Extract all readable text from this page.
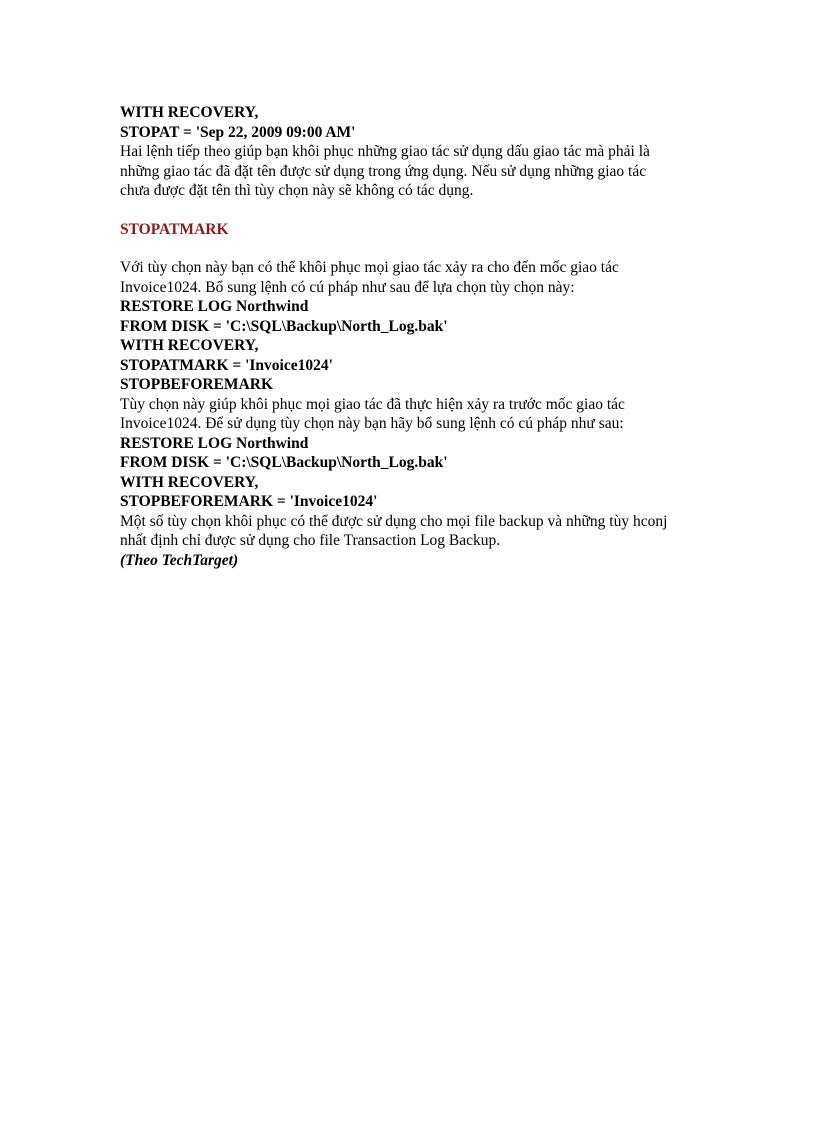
WITH RECOVERY,
STOPAT = 'Sep 22, 2009 09:00 AM'
Hai lệnh tiếp theo giúp bạn khôi phục những giao tác sử dụng dấu giao tác mà phải là
những giao tác đã đặt tên được sử dụng trong ứng dụng. Nếu sử dụng những giao tác
chưa được đặt tên thì tùy chọn này sẽ không có tác dụng.
STOPATMARK
Với tùy chọn này bạn có thể khôi phục mọi giao tác xảy ra cho đến mốc giao tác
Invoice1024. Bổ sung lệnh có cú pháp như sau để lựa chọn tùy chọn này:
RESTORE LOG Northwind
FROM DISK = 'C:\SQL\Backup\North_Log.bak'
WITH RECOVERY,
STOPATMARK = 'Invoice1024'
STOPBEFOREMARK
Tùy chọn này giúp khôi phục mọi giao tác đã thực hiện xảy ra trước mốc giao tác
Invoice1024. Để sử dụng tùy chọn này bạn hãy bổ sung lệnh có cú pháp như sau:
RESTORE LOG Northwind
FROM DISK = 'C:\SQL\Backup\North_Log.bak'
WITH RECOVERY,
STOPBEFOREMARK = 'Invoice1024'
Một số tùy chọn khôi phục có thể được sử dụng cho mọi file backup và những tùy hconj
nhất định chỉ được sử dụng cho file Transaction Log Backup.
(Theo TechTarget)
